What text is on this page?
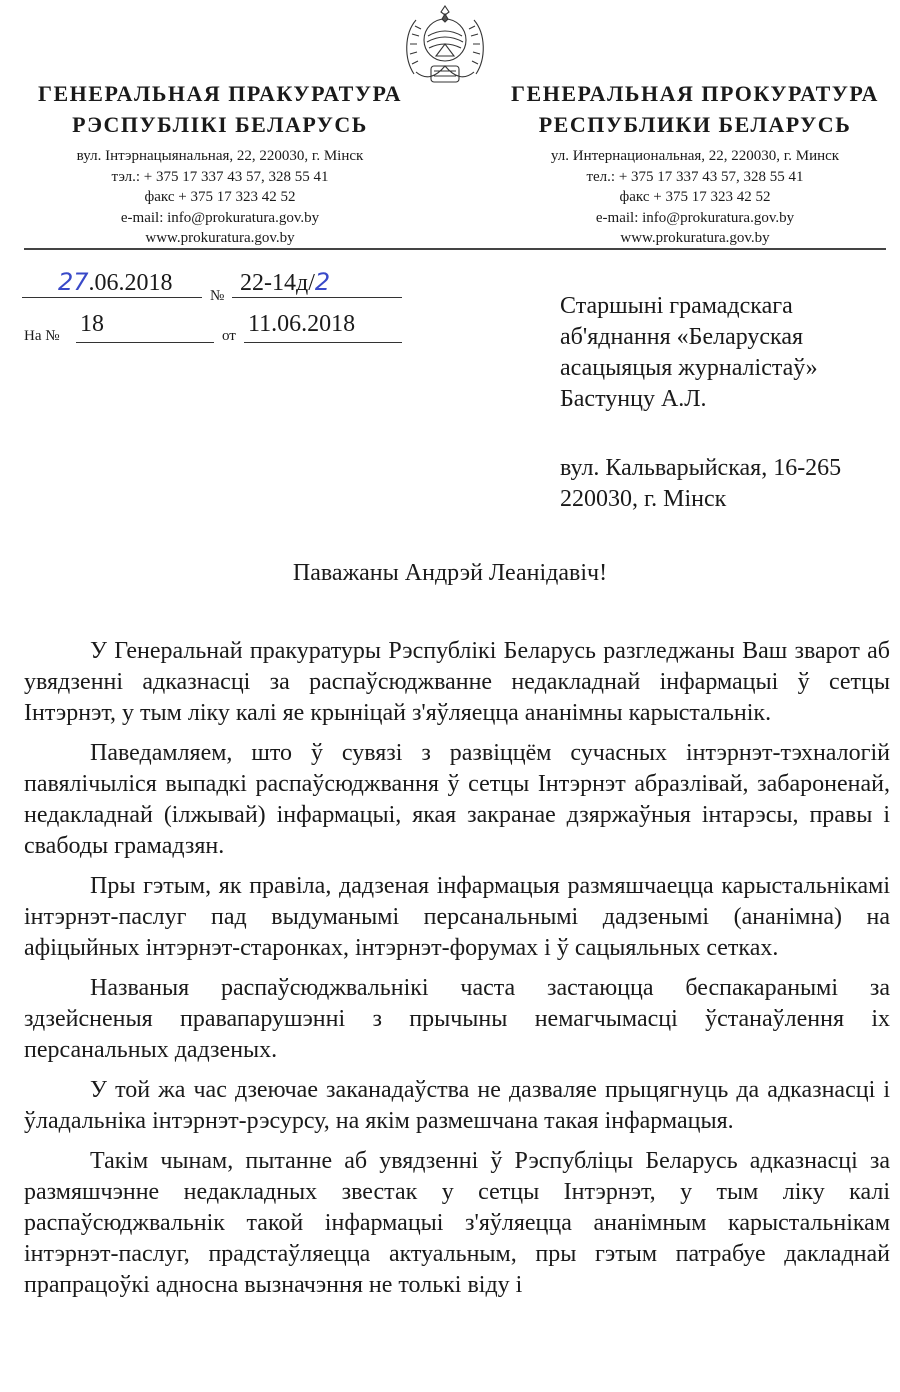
ГЕНЕРАЛЬНАЯ ПРАКУРАТУРА
РЭСПУБЛІКІ БЕЛАРУСЬ
вул. Інтэрнацыянальная, 22, 220030, г. Мінск
тэл.: + 375 17 337 43 57, 328 55 41
факс + 375 17 323 42 52
e-mail: info@prokuratura.gov.by
www.prokuratura.gov.by
ГЕНЕРАЛЬНАЯ ПРОКУРАТУРА
РЕСПУБЛИКИ БЕЛАРУСЬ
ул. Интернациональная, 22, 220030, г. Минск
тел.: + 375 17 337 43 57, 328 55 41
факс + 375 17 323 42 52
e-mail: info@prokuratura.gov.by
www.prokuratura.gov.by
27.06.2018 № 22-14д/2
На № 18	от 11.06.2018
Старшыні грамадскага
аб'яднання «Беларуская
асацыяцыя журналістаў»
Бастунцу А.Л.
вул. Кальварыйская, 16-265
220030, г. Мінск
Паважаны Андрэй Леанідавіч!

У Генеральнай пракуратуры Рэспублікі Беларусь разгледжаны Ваш зварот аб увядзенні адказнасці за распаўсюджванне недакладнай інфармацыі ў сетцы Інтэрнэт, у тым ліку калі яе крыніцай з'яўляецца ананімны карыстальнік.

Паведамляем, што ў сувязі з развіццём сучасных інтэрнэт-тэхналогій павялічыліся выпадкі распаўсюджвання ў сетцы Інтэрнэт абразлівай, забароненай, недакладнай (ілжывай) інфармацыі, якая закранае дзяржаўныя інтарэсы, правы і свабоды грамадзян.

Пры гэтым, як правіла, дадзеная інфармацыя размяшчаецца карыстальнікамі інтэрнэт-паслуг пад выдуманымі персанальнымі дадзенымі (ананімна) на афіцыйных інтэрнэт-старонках, інтэрнэт-форумах і ў сацыяльных сетках.

Названыя распаўсюджвальнікі часта застаюцца беспакаранымі за здзейсненыя правапарушэнні з прычыны немагчымасці ўстанаўлення іх персанальных дадзеных.

У той жа час дзеючае заканадаўства не дазваляе прыцягнуць да адказнасці і ўладальніка інтэрнэт-рэсурсу, на якім размешчана такая інфармацыя.

Такім чынам, пытанне аб увядзенні ў Рэспубліцы Беларусь адказнасці за размяшчэнне недакладных звестак у сетцы Інтэрнэт, у тым ліку калі распаўсюджвальнік такой інфармацыі з'яўляецца ананімным карыстальнікам інтэрнэт-паслуг, прадстаўляецца актуальным, пры гэтым патрабуе дакладнай прапрацоўкі адносна вызначэння не толькі віду і
